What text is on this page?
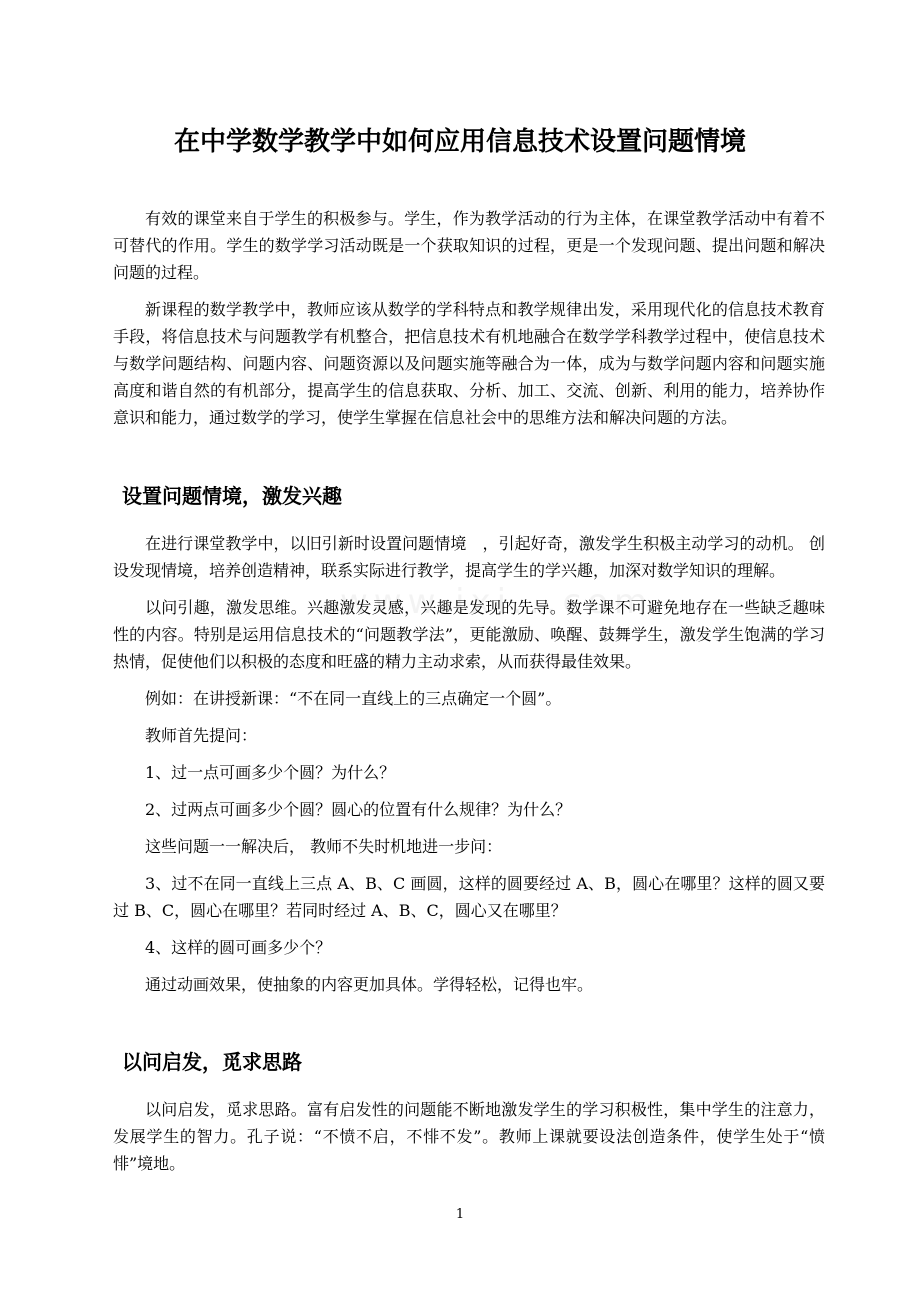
在中学数学教学中如何应用信息技术设置问题情境

有效的课堂来自于学生的积极参与。学生，作为教学活动的行为主体，在课堂教学活动中有着不可替代的作用。学生的数学学习活动既是一个获取知识的过程，更是一个发现问题、提出问题和解决问题的过程。

新课程的数学教学中，教师应该从数学的学科特点和教学规律出发，采用现代化的信息技术教育手段，将信息技术与问题教学有机整合，把信息技术有机地融合在数学学科教学过程中，使信息技术与数学问题结构、问题内容、问题资源以及问题实施等融合为一体，成为与数学问题内容和问题实施高度和谐自然的有机部分，提高学生的信息获取、分析、加工、交流、创新、利用的能力，培养协作意识和能力，通过数学的学习，使学生掌握在信息社会中的思维方法和解决问题的方法。

设置问题情境，激发兴趣

在进行课堂教学中，以旧引新时设置问题情境　，引起好奇，激发学生积极主动学习的动机。 创设发现情境，培养创造精神，联系实际进行教学，提高学生的学兴趣，加深对数学知识的理解。

以问引趣，激发思维。兴趣激发灵感，兴趣是发现的先导。数学课不可避免地存在一些缺乏趣味性的内容。特别是运用信息技术的“问题教学法”，更能激励、唤醒、鼓舞学生，激发学生饱满的学习热情，促使他们以积极的态度和旺盛的精力主动求索，从而获得最佳效果。

例如：在讲授新课：“不在同一直线上的三点确定一个圆”。

教师首先提问：

1、过一点可画多少个圆？为什么？

2、过两点可画多少个圆？圆心的位置有什么规律？为什么？

这些问题一一解决后， 教师不失时机地进一步问：

3、过不在同一直线上三点 A、B、C 画圆，这样的圆要经过 A、B，圆心在哪里？这样的圆又要过 B、C，圆心在哪里？若同时经过 A、B、C，圆心又在哪里？

4、这样的圆可画多少个？

通过动画效果，使抽象的内容更加具体。学得轻松，记得也牢。

以问启发，觅求思路

以问启发，觅求思路。富有启发性的问题能不断地激发学生的学习积极性，集中学生的注意力，发展学生的智力。孔子说：“不愤不启，不悱不发”。教师上课就要设法创造条件，使学生处于“愤悱”境地。

1
